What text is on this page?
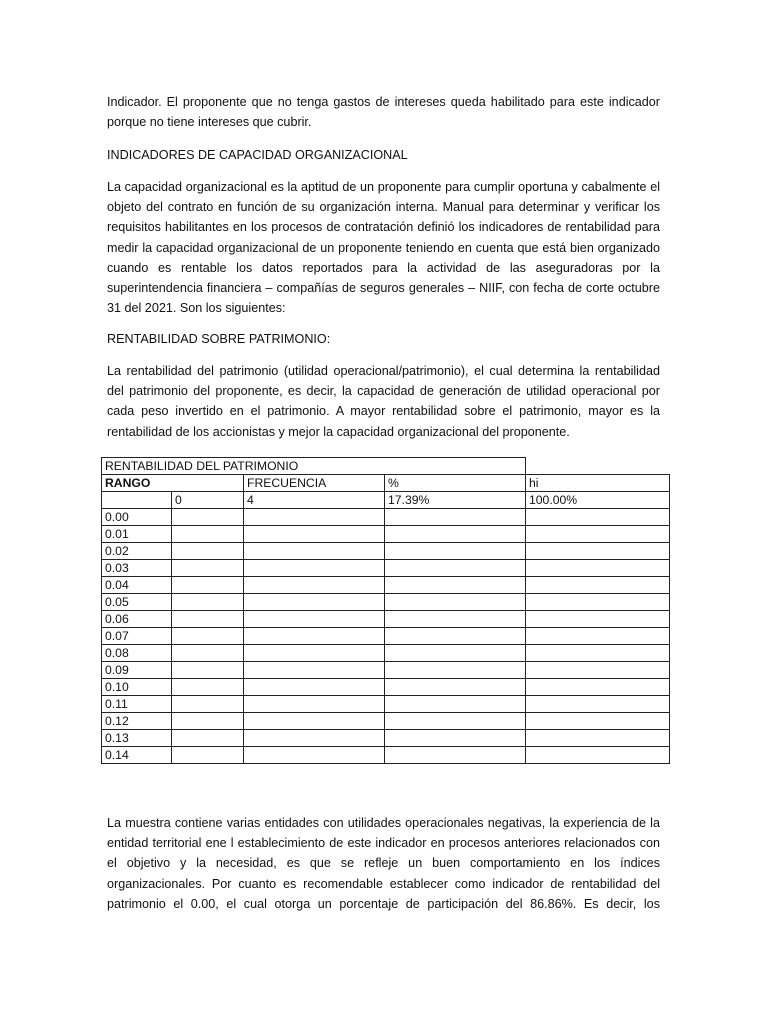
Indicador. El proponente que no tenga gastos de intereses queda habilitado para este indicador
porque no tiene intereses que cubrir.
INDICADORES DE CAPACIDAD ORGANIZACIONAL
La capacidad organizacional es la aptitud de un proponente para cumplir oportuna y cabalmente el
objeto del contrato en función de su organización interna. Manual para determinar y verificar los
requisitos habilitantes en los procesos de contratación definió los indicadores de rentabilidad para
medir la capacidad organizacional de un proponente teniendo en cuenta que está bien organizado
cuando es rentable los datos reportados para la actividad de las aseguradoras por la
superintendencia financiera – compañías de seguros generales – NIIF, con fecha de corte octubre
31 del 2021. Son los siguientes:
RENTABILIDAD SOBRE PATRIMONIO:
La rentabilidad del patrimonio (utilidad operacional/patrimonio), el cual determina la rentabilidad
del patrimonio del proponente, es decir, la capacidad de generación de utilidad operacional por
cada peso invertido en el patrimonio. A mayor rentabilidad sobre el patrimonio, mayor es la
rentabilidad de los accionistas y mejor la capacidad organizacional del proponente.
RENTABILIDAD DEL PATRIMONIO				
RANGO		FRECUENCIA	%	hi
	0	4	17.39%	100.00%
0.00				
0.01				
0.02				
0.03				
0.04				
0.05				
0.06				
0.07				
0.08				
0.09				
0.10				
0.11				
0.12				
0.13				
0.14				
La muestra contiene varias entidades con utilidades operacionales negativas, la experiencia de la
entidad territorial ene l establecimiento de este indicador en procesos anteriores relacionados con
el objetivo y la necesidad, es que se refleje un buen comportamiento en los índices
organizacionales. Por cuanto es recomendable establecer como indicador de rentabilidad del
patrimonio el 0.00, el cual otorga un porcentaje de participación del 86.86%. Es decir, los
